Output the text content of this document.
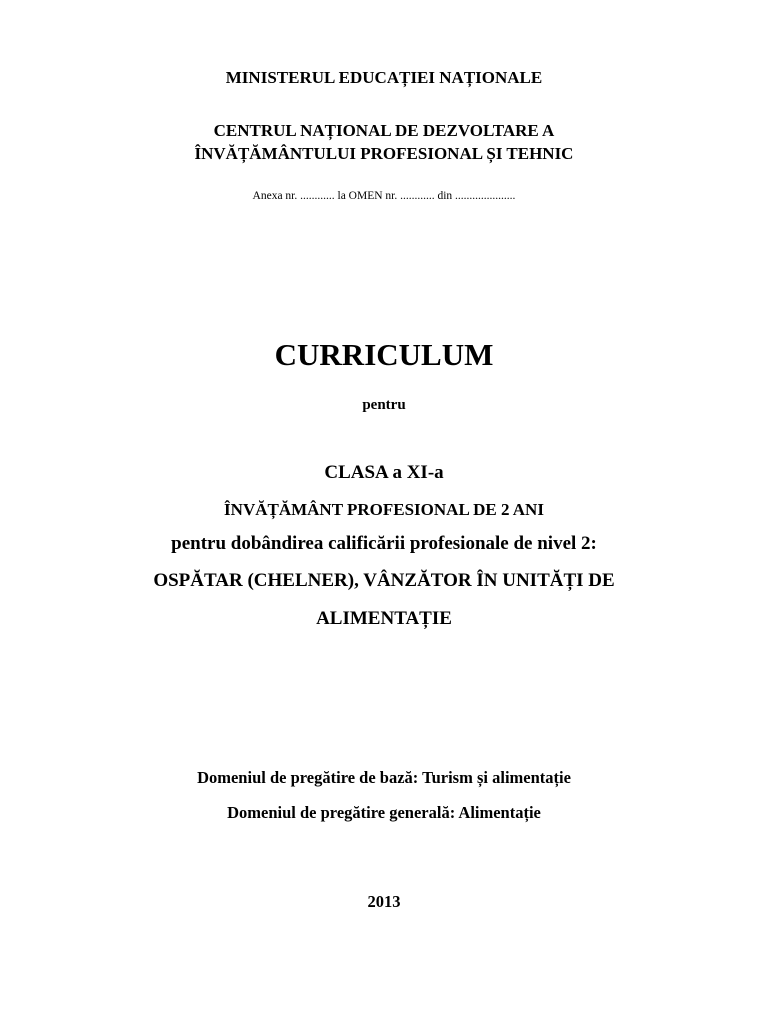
MINISTERUL EDUCAȚIEI NAȚIONALE
CENTRUL NAȚIONAL DE DEZVOLTARE A
ÎNVĂȚĂMÂNTULUI PROFESIONAL ȘI TEHNIC
Anexa nr. ............ la OMEN nr. ............ din .....................
CURRICULUM
pentru
CLASA a XI-a
ÎNVĂȚĂMÂNT PROFESIONAL DE 2 ANI
pentru dobândirea calificării profesionale de nivel 2:
OSPĂTAR (CHELNER), VÂNZĂTOR ÎN UNITĂȚI DE
ALIMENTAȚIE
Domeniul de pregătire de bază: Turism și alimentație
Domeniul de pregătire generală: Alimentație
2013
